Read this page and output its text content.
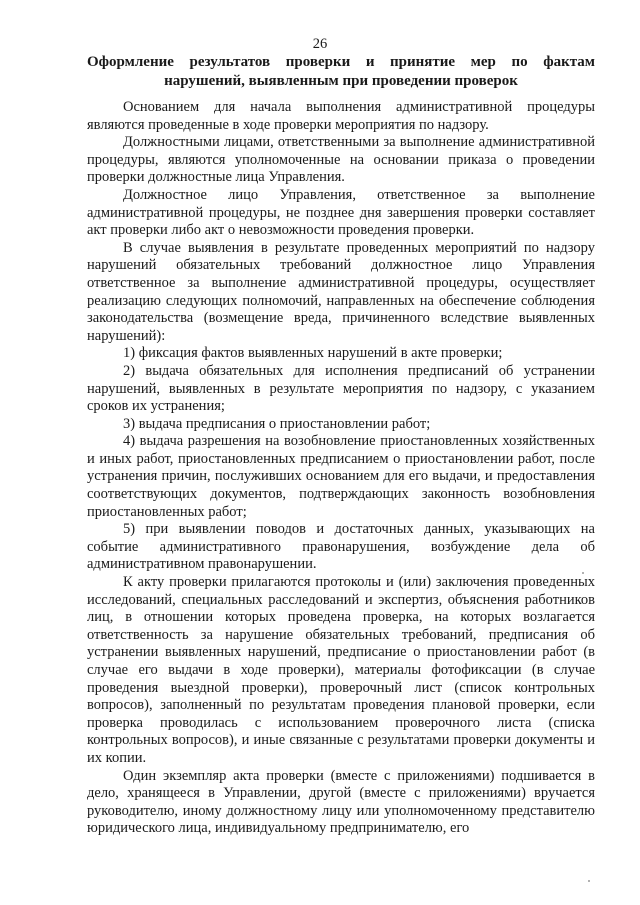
26
Оформление результатов проверки и принятие мер по фактам нарушений, выявленным при проведении проверок

Основанием для начала выполнения административной процедуры являются проведенные в ходе проверки мероприятия по надзору.

Должностными лицами, ответственными за выполнение административной процедуры, являются уполномоченные на основании приказа о проведении проверки должностные лица Управления.

Должностное лицо Управления, ответственное за выполнение административной процедуры, не позднее дня завершения проверки составляет акт проверки либо акт о невозможности проведения проверки.

В случае выявления в результате проведенных мероприятий по надзору нарушений обязательных требований должностное лицо Управления ответственное за выполнение административной процедуры, осуществляет реализацию следующих полномочий, направленных на обеспечение соблюдения законодательства (возмещение вреда, причиненного вследствие выявленных нарушений):

1) фиксация фактов выявленных нарушений в акте проверки;

2) выдача обязательных для исполнения предписаний об устранении нарушений, выявленных в результате мероприятия по надзору, с указанием сроков их устранения;

3) выдача предписания о приостановлении работ;

4) выдача разрешения на возобновление приостановленных хозяйственных и иных работ, приостановленных предписанием о приостановлении работ, после устранения причин, послуживших основанием для его выдачи, и предоставления соответствующих документов, подтверждающих законность возобновления приостановленных работ;

5) при выявлении поводов и достаточных данных, указывающих на событие административного правонарушения, возбуждение дела об административном правонарушении.

К акту проверки прилагаются протоколы и (или) заключения проведенных исследований, специальных расследований и экспертиз, объяснения работников лиц, в отношении которых проведена проверка, на которых возлагается ответственность за нарушение обязательных требований, предписания об устранении выявленных нарушений, предписание о приостановлении работ (в случае его выдачи в ходе проверки), материалы фотофиксации (в случае проведения выездной проверки), проверочный лист (список контрольных вопросов), заполненный по результатам проведения плановой проверки, если проверка проводилась с использованием проверочного листа (списка контрольных вопросов), и иные связанные с результатами проверки документы и их копии.

Один экземпляр акта проверки (вместе с приложениями) подшивается в дело, хранящееся в Управлении, другой (вместе с приложениями) вручается руководителю, иному должностному лицу или уполномоченному представителю юридического лица, индивидуальному предпринимателю, его
